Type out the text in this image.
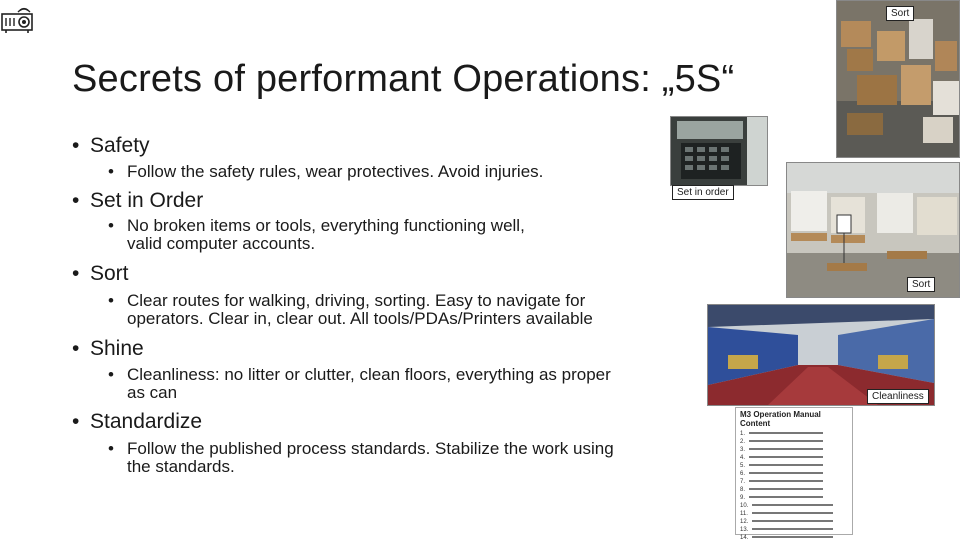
Secrets of performant Operations: „5S“
• Safety
• Follow the safety rules, wear protectives. Avoid injuries.
• Set in Order
• No broken items or tools, everything functioning well,
valid computer accounts.
• Sort
• Clear routes for walking, driving, sorting. Easy to navigate for
operators. Clear in, clear out. All tools/PDAs/Printers available
• Shine
• Cleanliness: no litter or clutter, clean floors, everything as proper
as can
• Standardize
• Follow the published process standards. Stabilize the work using
the standards.
Sort
Set in order
Sort
Cleanliness
M3 Operation Manual Content
1.
2.
3.
4.
5.
6.
7.
8.
9.
10.
11.
12.
13.
14.
